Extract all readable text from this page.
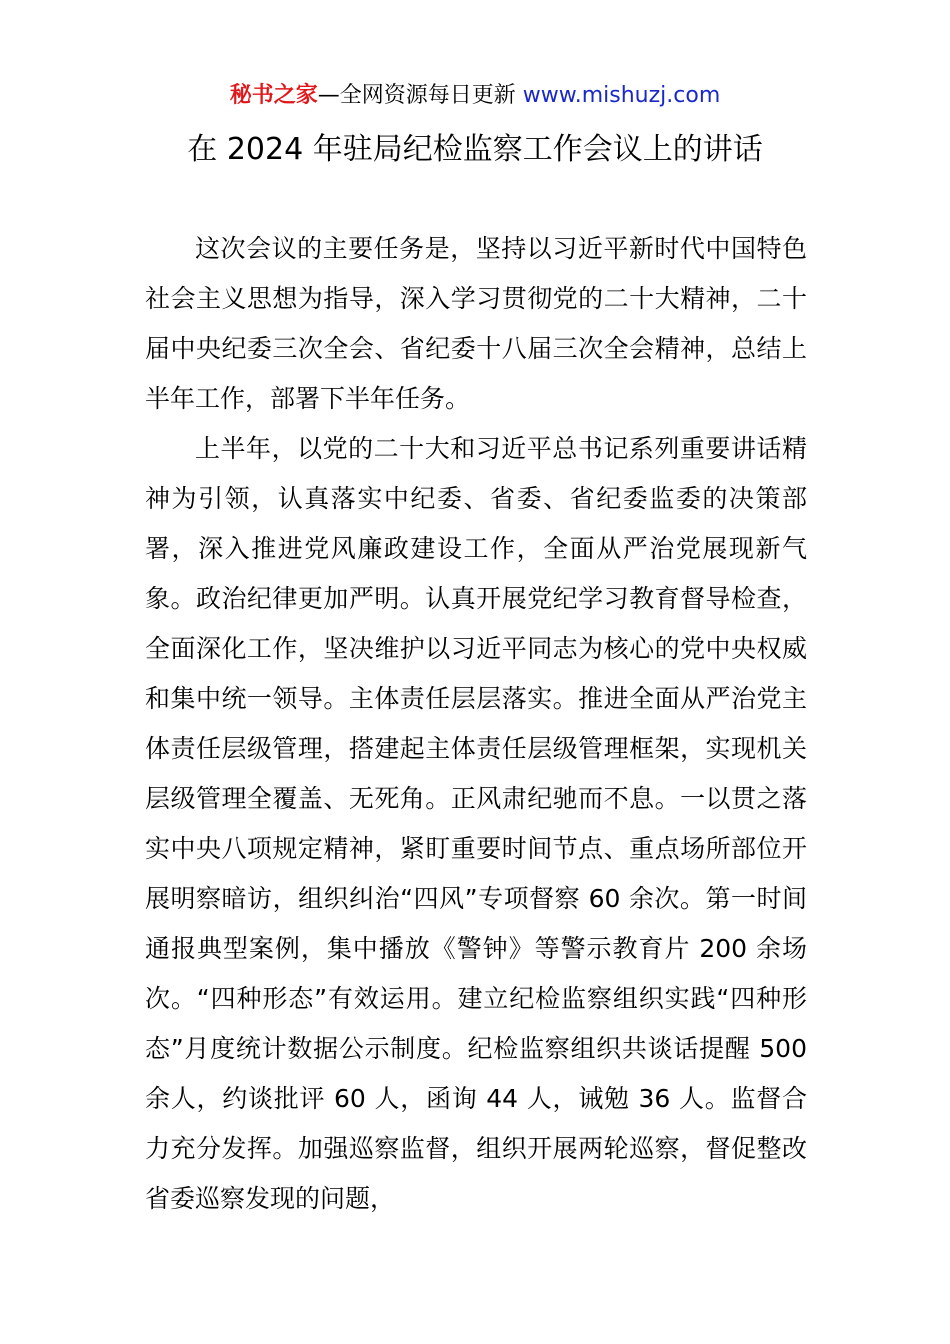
秘书之家—全网资源每日更新 www.mishuzj.com
在 2024 年驻局纪检监察工作会议上的讲话

这次会议的主要任务是，坚持以习近平新时代中国特色社会主义思想为指导，深入学习贯彻党的二十大精神，二十届中央纪委三次全会、省纪委十八届三次全会精神，总结上半年工作，部署下半年任务。

上半年，以党的二十大和习近平总书记系列重要讲话精神为引领，认真落实中纪委、省委、省纪委监委的决策部署，深入推进党风廉政建设工作，全面从严治党展现新气象。政治纪律更加严明。认真开展党纪学习教育督导检查，全面深化工作，坚决维护以习近平同志为核心的党中央权威和集中统一领导。主体责任层层落实。推进全面从严治党主体责任层级管理，搭建起主体责任层级管理框架，实现机关层级管理全覆盖、无死角。正风肃纪驰而不息。一以贯之落实中央八项规定精神，紧盯重要时间节点、重点场所部位开展明察暗访，组织纠治“四风”专项督察 60 余次。第一时间通报典型案例，集中播放《警钟》等警示教育片 200 余场次。“四种形态”有效运用。建立纪检监察组织实践“四种形态”月度统计数据公示制度。纪检监察组织共谈话提醒 500 余人，约谈批评 60 人，函询 44 人，诫勉 36 人。监督合力充分发挥。加强巡察监督，组织开展两轮巡察，督促整改省委巡察发现的问题，
